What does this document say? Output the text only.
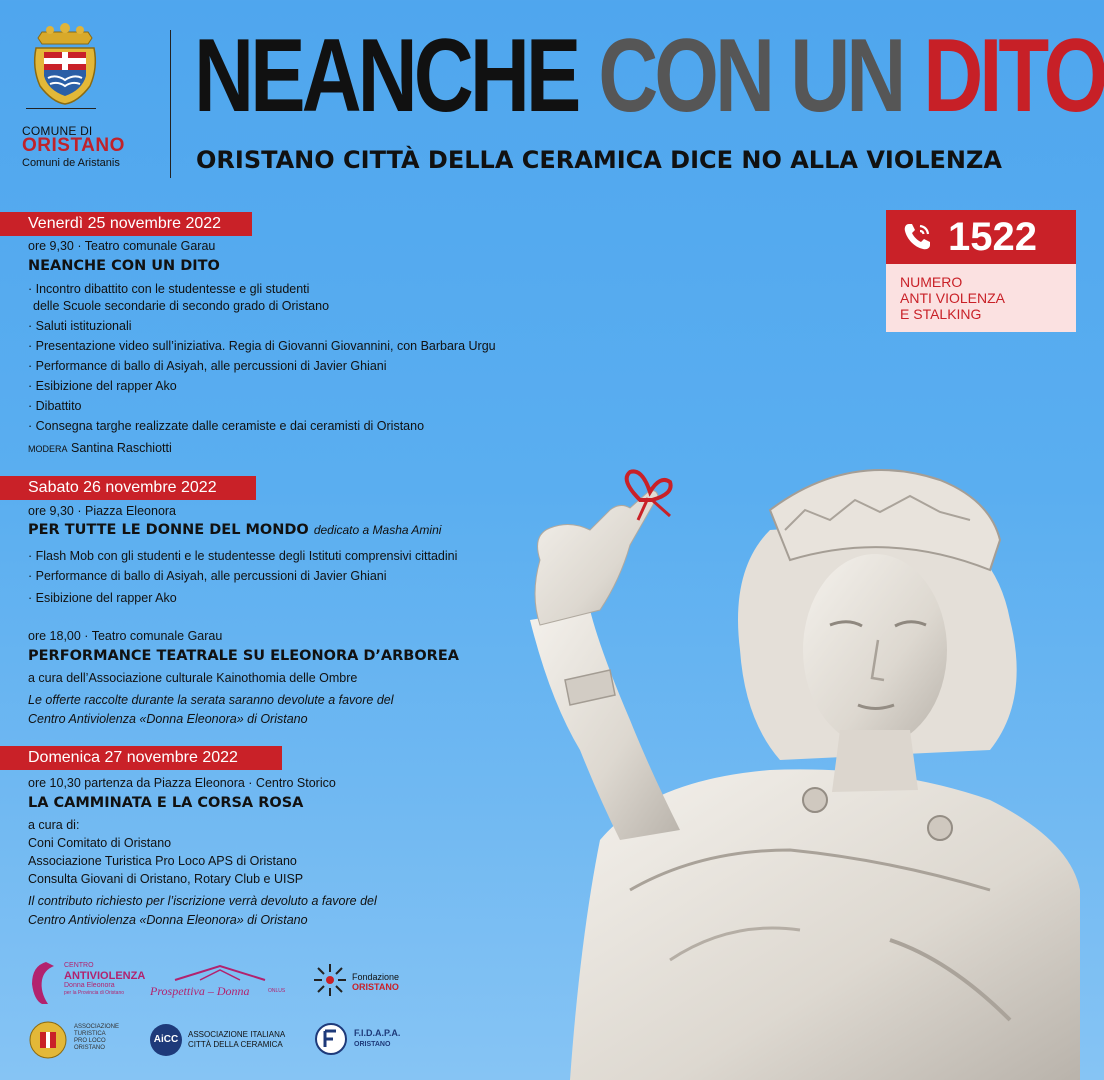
COMUNE DI
ORISTANO
Comuni de Aristanis
NEANCHE CON UN DITO
ORISTANO CITTÀ DELLA CERAMICA DICE NO ALLA VIOLENZA
1522
NUMERO
ANTI VIOLENZA
E STALKING
Venerdì 25 novembre 2022
ore 9,30 · Teatro comunale Garau
NEANCHE CON UN DITO
· Incontro dibattito con le studentesse e gli studenti
delle Scuole secondarie di secondo grado di Oristano
· Saluti istituzionali
· Presentazione video sull’iniziativa. Regia di Giovanni Giovannini, con Barbara Urgu
· Performance di ballo di Asiyah, alle percussioni di Javier Ghiani
· Esibizione del rapper Ako
· Dibattito
· Consegna targhe realizzate dalle ceramiste e dai ceramisti di Oristano
MODERA Santina Raschiotti
Sabato 26 novembre 2022
ore 9,30 · Piazza Eleonora
PER TUTTE LE DONNE DEL MONDO dedicato a Masha Amini
· Flash Mob con gli studenti e le studentesse degli Istituti comprensivi cittadini
· Performance di ballo di Asiyah, alle percussioni di Javier Ghiani
· Esibizione del rapper Ako
ore 18,00 · Teatro comunale Garau
PERFORMANCE TEATRALE SU ELEONORA D’ARBOREA
a cura dell’Associazione culturale Kainothomia delle Ombre
Le offerte raccolte durante la serata saranno devolute a favore del
Centro Antiviolenza «Donna Eleonora» di Oristano
Domenica 27 novembre 2022
ore 10,30 partenza da Piazza Eleonora · Centro Storico
LA CAMMINATA E LA CORSA ROSA
a cura di:
Coni Comitato di Oristano
Associazione Turistica Pro Loco APS di Oristano
Consulta Giovani di Oristano, Rotary Club e UISP
Il contributo richiesto per l’iscrizione verrà devoluto a favore del
Centro Antiviolenza «Donna Eleonora» di Oristano
CENTRO
ANTIVIOLENZA
Donna Eleonora
per la Provincia di Oristano	Prospettiva – Donna	ONLUS
Fondazione
ORISTANO
ASSOCIAZIONE
TURISTICA
PRO LOCO
ORISTANO
AiCC	ASSOCIAZIONE ITALIANA
CITTÀ DELLA CERAMICA
F.I.D.A.P.A.
ORISTANO
